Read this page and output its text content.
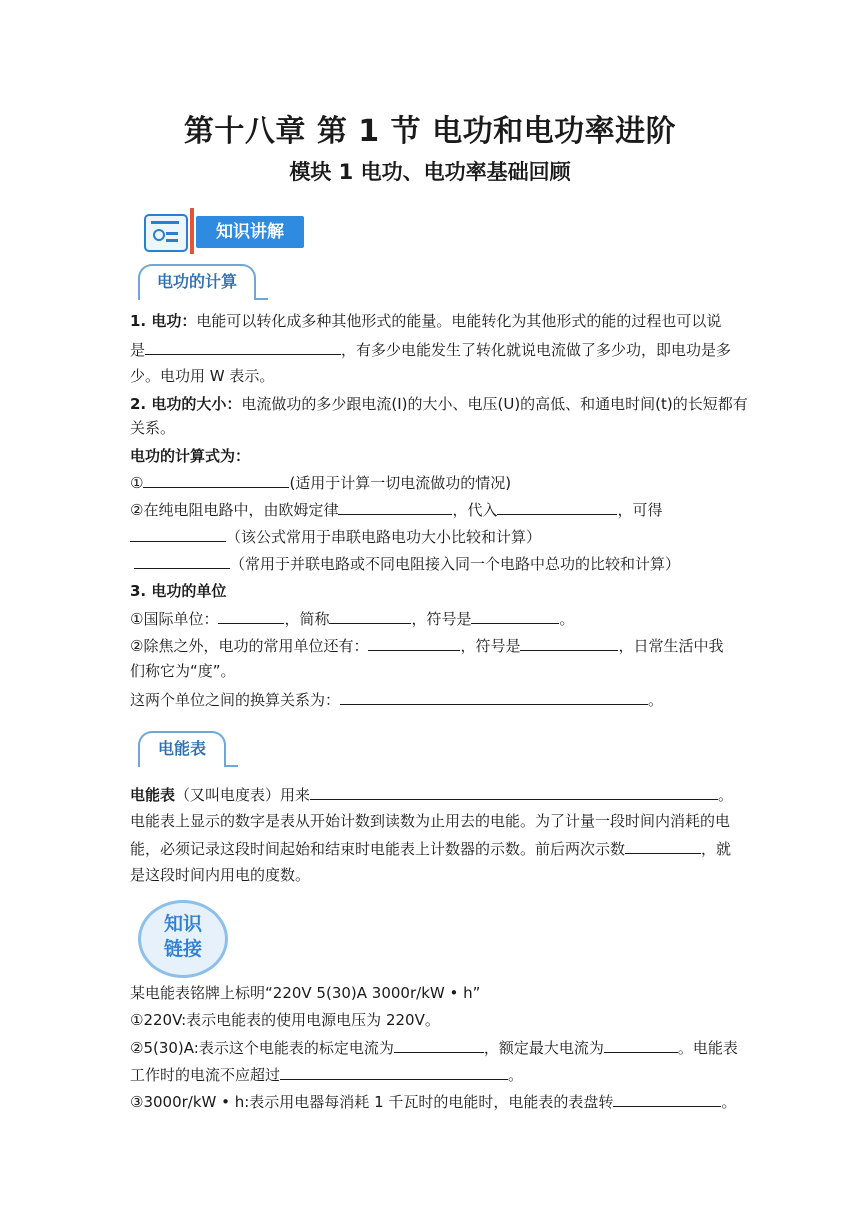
第十八章 第 1 节 电功和电功率进阶
模块 1 电功、电功率基础回顾
知识讲解
电功的计算
1. 电功：电能可以转化成多种其他形式的能量。电能转化为其他形式的能的过程也可以说
是	，有多少电能发生了转化就说电流做了多少功，即电功是多
少。电功用 W 表示。
2. 电功的大小：电流做功的多少跟电流(I)的大小、电压(U)的高低、和通电时间(t)的长短都有
关系。
电功的计算式为：
①	(适用于计算一切电流做功的情况)
②在纯电阻电路中，由欧姆定律	，代入	，可得
（该公式常用于串联电路电功大小比较和计算）
（常用于并联电路或不同电阻接入同一个电路中总功的比较和计算）
3. 电功的单位
①国际单位：	，简称	，符号是	。
②除焦之外，电功的常用单位还有：	，符号是	，日常生活中我
们称它为“度”。
这两个单位之间的换算关系为：	。
电能表
电能表（又叫电度表）用来	。
电能表上显示的数字是表从开始计数到读数为止用去的电能。为了计量一段时间内消耗的电
能，必须记录这段时间起始和结束时电能表上计数器的示数。前后两次示数	，就
是这段时间内用电的度数。
知识
链接
某电能表铭牌上标明“220V 5(30)A 3000r/kW • h”
①220V:表示电能表的使用电源电压为 220V。
②5(30)A:表示这个电能表的标定电流为	，额定最大电流为	。电能表
工作时的电流不应超过	。
③3000r/kW • h:表示用电器每消耗 1 千瓦时的电能时，电能表的表盘转	。
